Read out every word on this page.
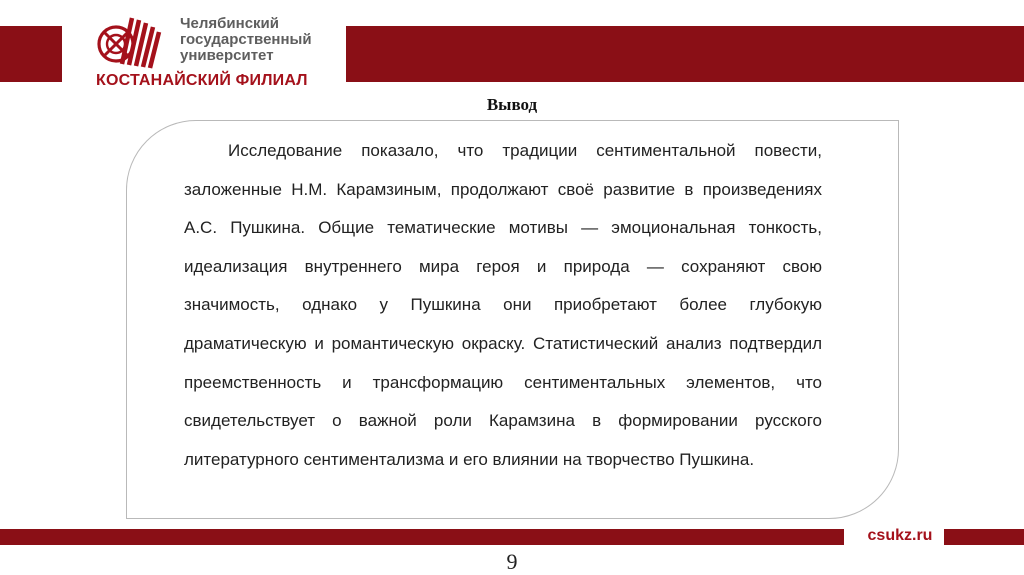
Челябинский
государственный
университет
КОСТАНАЙСКИЙ ФИЛИАЛ
Вывод

Исследование показало, что традиции сентиментальной повести, заложенные Н.М. Карамзиным, продолжают своё развитие в произведениях А.С. Пушкина. Общие тематические мотивы — эмоциональная тонкость, идеализация внутреннего мира героя и природа — сохраняют свою значимость, однако у Пушкина они приобретают более глубокую драматическую и романтическую окраску. Статистический анализ подтвердил преемственность и трансформацию сентиментальных элементов, что свидетельствует о важной роли Карамзина в формировании русского литературного сентиментализма и его влиянии на творчество Пушкина.

csukz.ru
9
